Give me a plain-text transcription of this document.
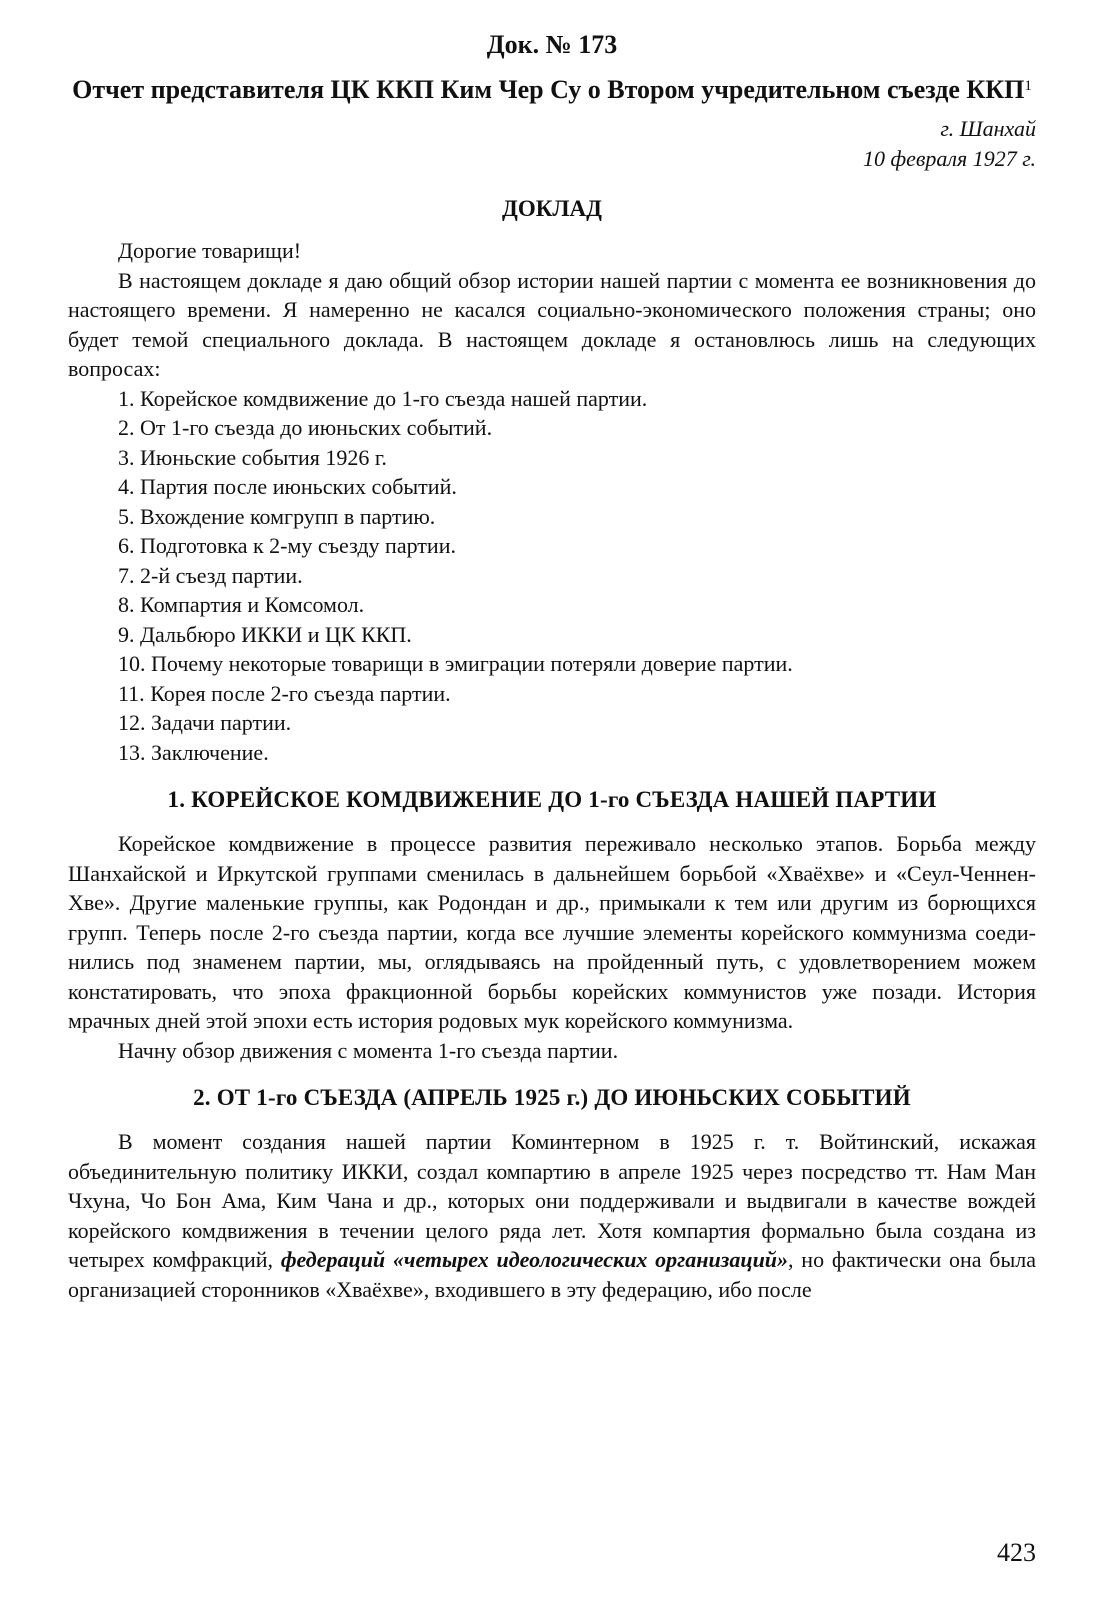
Док. № 173
Отчет представителя ЦК ККП Ким Чер Су о Втором учредительном съезде ККП$^1$
г. Шанхай
10 февраля 1927 г.
ДОКЛАД

Дорогие товарищи!

В настоящем докладе я даю общий обзор истории нашей партии с момента ее возникновения до настоящего времени. Я намеренно не касался социально-экономического положения страны; оно будет темой специального доклада. В настоящем докладе я остановлюсь лишь на следующих вопросах:

1. Корейское комдвижение до 1-го съезда нашей партии.
2. От 1-го съезда до июньских событий.
3. Июньские события 1926 г.
4. Партия после июньских событий.
5. Вхождение комгрупп в партию.
6. Подготовка к 2-му съезду партии.
7. 2-й съезд партии.
8. Компартия и Комсомол.
9. Дальбюро ИККИ и ЦК ККП.
10. Почему некоторые товарищи в эмиграции потеряли доверие партии.
11. Корея после 2-го съезда партии.
12. Задачи партии.
13. Заключение.
1. КОРЕЙСКОЕ КОМДВИЖЕНИЕ ДО 1-го СЪЕЗДА НАШЕЙ ПАРТИИ

Корейское комдвижение в процессе развития переживало несколько этапов. Борьба между Шанхайской и Иркутской группами сменилась в дальнейшем борьбой «Хваёхве» и «Сеул-Ченнен-Хве». Другие маленькие группы, как Родондан и др., примыкали к тем или другим из борющихся групп. Теперь после 2-го съезда партии, когда все лучшие элементы корейского коммунизма соединились под знаменем партии, мы, оглядываясь на пройденный путь, с удовлетворением можем констатировать, что эпоха фракционной борьбы корейских коммунистов уже позади. История мрачных дней этой эпохи есть история родовых мук корейского коммунизма.

Начну обзор движения с момента 1-го съезда партии.

2. ОТ 1-го СЪЕЗДА (АПРЕЛЬ 1925 г.) ДО ИЮНЬСКИХ СОБЫТИЙ

В момент создания нашей партии Коминтерном в 1925 г. т. Войтинский, искажая объединительную политику ИККИ, создал компартию в апреле 1925 через посредство тт. Нам Ман Чхуна, Чо Бон Ама, Ким Чана и др., которых они поддерживали и выдвигали в качестве вождей корейского комдвижения в течении целого ряда лет. Хотя компартия формально была создана из четырех комфракций, федераций «четырех идеологических организаций», но фактически она была организацией сторонников «Хваёхве», входившего в эту федерацию, ибо после

423
